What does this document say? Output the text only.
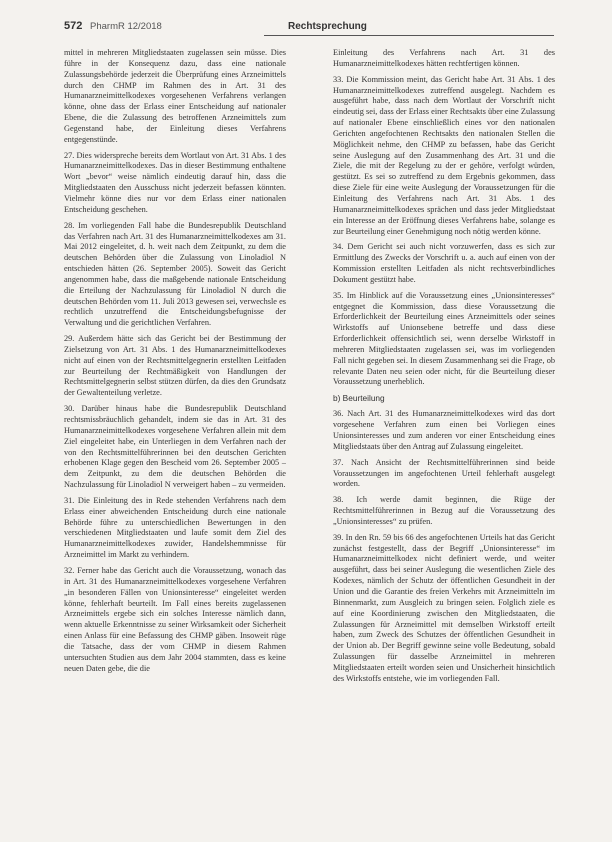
572 PharmR 12/2018	Rechtsprechung

mittel in mehreren Mitgliedstaaten zugelassen sein müsse. Dies führe in der Konsequenz dazu, dass eine nationale Zulassungsbehörde jederzeit die Überprüfung eines Arzneimittels durch den CHMP im Rahmen des in Art. 31 des Humanarzneimittelkodexes vorgesehenen Verfahrens verlangen könne, ohne dass der Erlass einer Entscheidung auf nationaler Ebene, die die Zulassung des betroffenen Arzneimittels zum Gegenstand habe, der Einleitung dieses Verfahrens entgegenstünde.

27. Dies widerspreche bereits dem Wortlaut von Art. 31 Abs. 1 des Humanarzneimittelkodexes. Das in dieser Bestimmung enthaltene Wort „bevor“ weise nämlich eindeutig darauf hin, dass die Mitgliedstaaten den Ausschuss nicht jederzeit befassen könnten. Vielmehr könne dies nur vor dem Erlass einer nationalen Entscheidung geschehen.

28. Im vorliegenden Fall habe die Bundesrepublik Deutschland das Verfahren nach Art. 31 des Humanarzneimittelkodexes am 31. Mai 2012 eingeleitet, d. h. weit nach dem Zeitpunkt, zu dem die deutschen Behörden über die Zulassung von Linoladiol N entschieden hätten (26. September 2005). Soweit das Gericht angenommen habe, dass die maßgebende nationale Entscheidung die Erteilung der Nachzulassung für Linoladiol N durch die deutschen Behörden vom 11. Juli 2013 gewesen sei, verwechsle es rechtlich unzutreffend die Entscheidungsbefugnisse der Verwaltung und die gerichtlichen Verfahren.

29. Außerdem hätte sich das Gericht bei der Bestimmung der Zielsetzung von Art. 31 Abs. 1 des Humanarzneimittelkodexes nicht auf einen von der Rechtsmittelgegnerin erstellten Leitfaden zur Beurteilung der Rechtmäßigkeit von Handlungen der Rechtsmittelgegnerin selbst stützen dürfen, da dies den Grundsatz der Gewaltenteilung verletze.

30. Darüber hinaus habe die Bundesrepublik Deutschland rechtsmissbräuchlich gehandelt, indem sie das in Art. 31 des Humanarzneimittelkodexes vorgesehene Verfahren allein mit dem Ziel eingeleitet habe, ein Unterliegen in dem Verfahren nach der von den Rechtsmittelführerinnen bei den deutschen Gerichten erhobenen Klage gegen den Bescheid vom 26. September 2005 – dem Zeitpunkt, zu dem die deutschen Behörden die Nachzulassung für Linoladiol N verweigert haben – zu vermeiden.

31. Die Einleitung des in Rede stehenden Verfahrens nach dem Erlass einer abweichenden Entscheidung durch eine nationale Behörde führe zu unterschiedlichen Bewertungen in den verschiedenen Mitgliedstaaten und laufe somit dem Ziel des Humanarzneimittelkodexes zuwider, Handelshemmnisse für Arzneimittel im Markt zu verhindern.

32. Ferner habe das Gericht auch die Voraussetzung, wonach das in Art. 31 des Humanarzneimittelkodexes vorgesehene Verfahren „in besonderen Fällen von Unionsinteresse“ eingeleitet werden könne, fehlerhaft beurteilt. Im Fall eines bereits zugelassenen Arzneimittels ergebe sich ein solches Interesse nämlich dann, wenn aktuelle Erkenntnisse zu seiner Wirksamkeit oder Sicherheit einen Anlass für eine Befassung des CHMP gäben. Insoweit rüge die Tatsache, dass der vom CHMP in diesem Rahmen untersuchten Studien aus dem Jahr 2004 stammten, dass es keine neuen Daten gebe, die die

Einleitung des Verfahrens nach Art. 31 des Humanarzneimittelkodexes hätten rechtfertigen können.

33. Die Kommission meint, das Gericht habe Art. 31 Abs. 1 des Humanarzneimittelkodexes zutreffend ausgelegt. Nachdem es ausgeführt habe, dass nach dem Wortlaut der Vorschrift nicht eindeutig sei, dass der Erlass einer Rechtsakts über eine Zulassung auf nationaler Ebene einschließlich eines vor den nationalen Gerichten angefochtenen Rechtsakts den nationalen Stellen die Möglichkeit nehme, den CHMP zu befassen, habe das Gericht seine Auslegung auf den Zusammenhang des Art. 31 und die Ziele, die mit der Regelung zu der er gehöre, verfolgt würden, gestützt. Es sei so zutreffend zu dem Ergebnis gekommen, dass diese Ziele für eine weite Auslegung der Voraussetzungen für die Einleitung des Verfahrens nach Art. 31 Abs. 1 des Humanarzneimittelkodexes sprächen und dass jeder Mitgliedstaat ein Interesse an der Eröffnung dieses Verfahrens habe, solange es zur Beurteilung einer Genehmigung noch nötig werden könne.

34. Dem Gericht sei auch nicht vorzuwerfen, dass es sich zur Ermittlung des Zwecks der Vorschrift u. a. auch auf einen von der Kommission erstellten Leitfaden als nicht rechtsverbindliches Dokument gestützt habe.

35. Im Hinblick auf die Voraussetzung eines „Unionsinteresses“ entgegnet die Kommission, dass diese Voraussetzung die Erforderlichkeit der Beurteilung eines Arzneimittels oder seines Wirkstoffs auf Unionsebene betreffe und dass diese Erforderlichkeit offensichtlich sei, wenn derselbe Wirkstoff in mehreren Mitgliedstaaten zugelassen sei, was im vorliegenden Fall nicht gegeben sei. In diesem Zusammenhang sei die Frage, ob relevante Daten neu seien oder nicht, für die Beurteilung dieser Voraussetzung unerheblich.

b) Beurteilung

36. Nach Art. 31 des Humanarzneimittelkodexes wird das dort vorgesehene Verfahren zum einen bei Vorliegen eines Unionsinteresses und zum anderen vor einer Entscheidung eines Mitgliedstaats über den Antrag auf Zulassung eingeleitet.

37. Nach Ansicht der Rechtsmittelführerinnen sind beide Voraussetzungen im angefochtenen Urteil fehlerhaft ausgelegt worden.

38. Ich werde damit beginnen, die Rüge der Rechtsmittelführerinnen in Bezug auf die Voraussetzung des „Unionsinteresses“ zu prüfen.

39. In den Rn. 59 bis 66 des angefochtenen Urteils hat das Gericht zunächst festgestellt, dass der Begriff „Unionsinteresse“ im Humanarzneimittelkodex nicht definiert werde, und weiter ausgeführt, dass bei seiner Auslegung die wesentlichen Ziele des Kodexes, nämlich der Schutz der öffentlichen Gesundheit in der Union und die Garantie des freien Verkehrs mit Arzneimitteln im Binnenmarkt, zum Ausgleich zu bringen seien. Folglich ziele es auf eine Koordinierung zwischen den Mitgliedstaaten, die Zulassungen für Arzneimittel mit demselben Wirkstoff erteilt haben, zum Zweck des Schutzes der öffentlichen Gesundheit in der Union ab. Der Begriff gewinne seine volle Bedeutung, sobald Zulassungen für dasselbe Arzneimittel in mehreren Mitgliedstaaten erteilt worden seien und Unsicherheit hinsichtlich des Wirkstoffs entstehe, wie im vorliegenden Fall.
